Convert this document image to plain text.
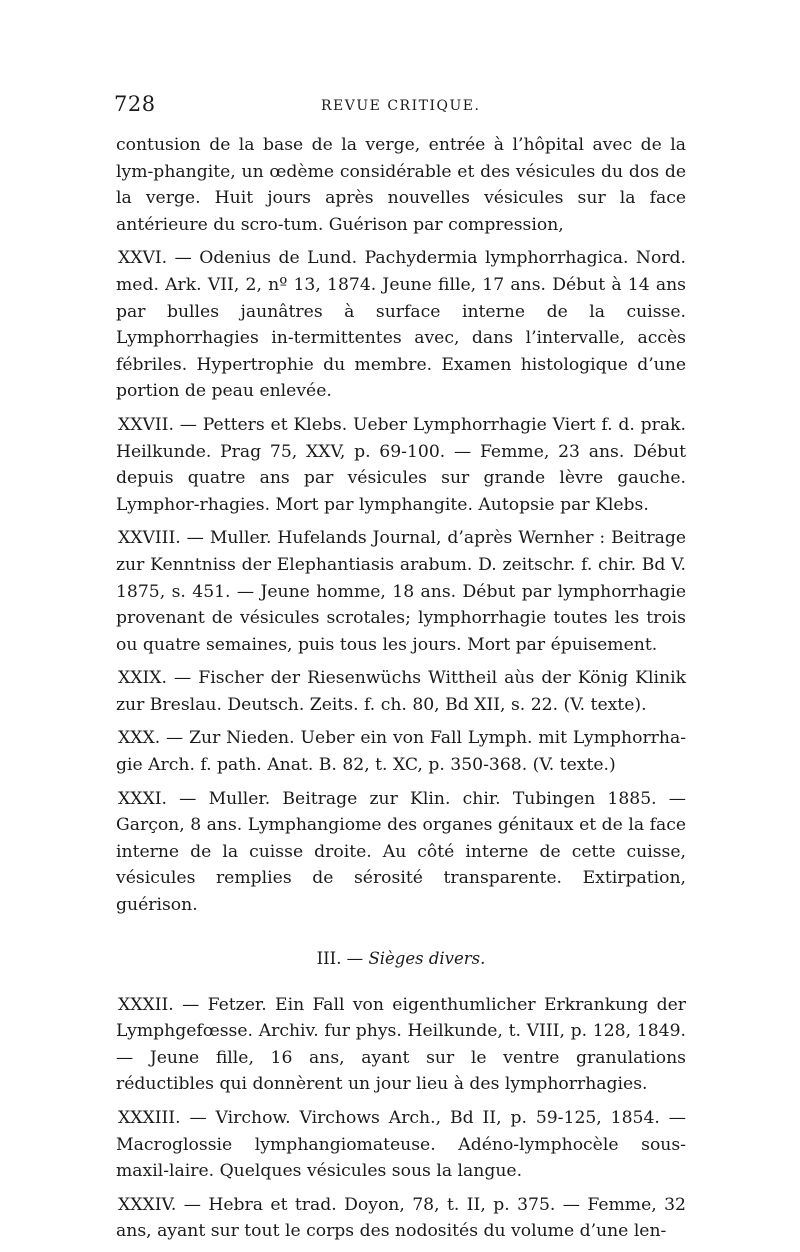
728	REVUE CRITIQUE.

contusion de la base de la verge, entrée à l’hôpital avec de la lym-phangite, un œdème considérable et des vésicules du dos de la verge. Huit jours après nouvelles vésicules sur la face antérieure du scro-tum. Guérison par compression,

XXVI. — Odenius de Lund. Pachydermia lymphorrhagica. Nord. med. Ark. VII, 2, nº 13, 1874. Jeune fille, 17 ans. Début à 14 ans par bulles jaunâtres à surface interne de la cuisse. Lymphorrhagies in-termittentes avec, dans l’intervalle, accès fébriles. Hypertrophie du membre. Examen histologique d’une portion de peau enlevée.

XXVII. — Petters et Klebs. Ueber Lymphorrhagie Viert f. d. prak. Heilkunde. Prag 75, XXV, p. 69-100. — Femme, 23 ans. Début depuis quatre ans par vésicules sur grande lèvre gauche. Lymphor-rhagies. Mort par lymphangite. Autopsie par Klebs.

XXVIII. — Muller. Hufelands Journal, d’après Wernher : Beitrage zur Kenntniss der Elephantiasis arabum. D. zeitschr. f. chir. Bd V. 1875, s. 451. — Jeune homme, 18 ans. Début par lymphorrhagie provenant de vésicules scrotales; lymphorrhagie toutes les trois ou quatre semaines, puis tous les jours. Mort par épuisement.

XXIX. — Fischer der Riesenwüchs Wittheil aùs der König Klinik zur Breslau. Deutsch. Zeits. f. ch. 80, Bd XII, s. 22. (V. texte).

XXX. — Zur Nieden. Ueber ein von Fall Lymph. mit Lymphorrha-gie Arch. f. path. Anat. B. 82, t. XC, p. 350-368. (V. texte.)

XXXI. — Muller. Beitrage zur Klin. chir. Tubingen 1885. — Garçon, 8 ans. Lymphangiome des organes génitaux et de la face interne de la cuisse droite. Au côté interne de cette cuisse, vésicules remplies de sérosité transparente. Extirpation, guérison.

III. — Sièges divers.

XXXII. — Fetzer. Ein Fall von eigenthumlicher Erkrankung der Lymphgefœsse. Archiv. fur phys. Heilkunde, t. VIII, p. 128, 1849. — Jeune fille, 16 ans, ayant sur le ventre granulations réductibles qui donnèrent un jour lieu à des lymphorrhagies.

XXXIII. — Virchow. Virchows Arch., Bd II, p. 59-125, 1854. — Macroglossie lymphangiomateuse. Adéno-lymphocèle sous-maxil-laire. Quelques vésicules sous la langue.

XXXIV. — Hebra et trad. Doyon, 78, t. II, p. 375. — Femme, 32 ans, ayant sur tout le corps des nodosités du volume d’une len-
